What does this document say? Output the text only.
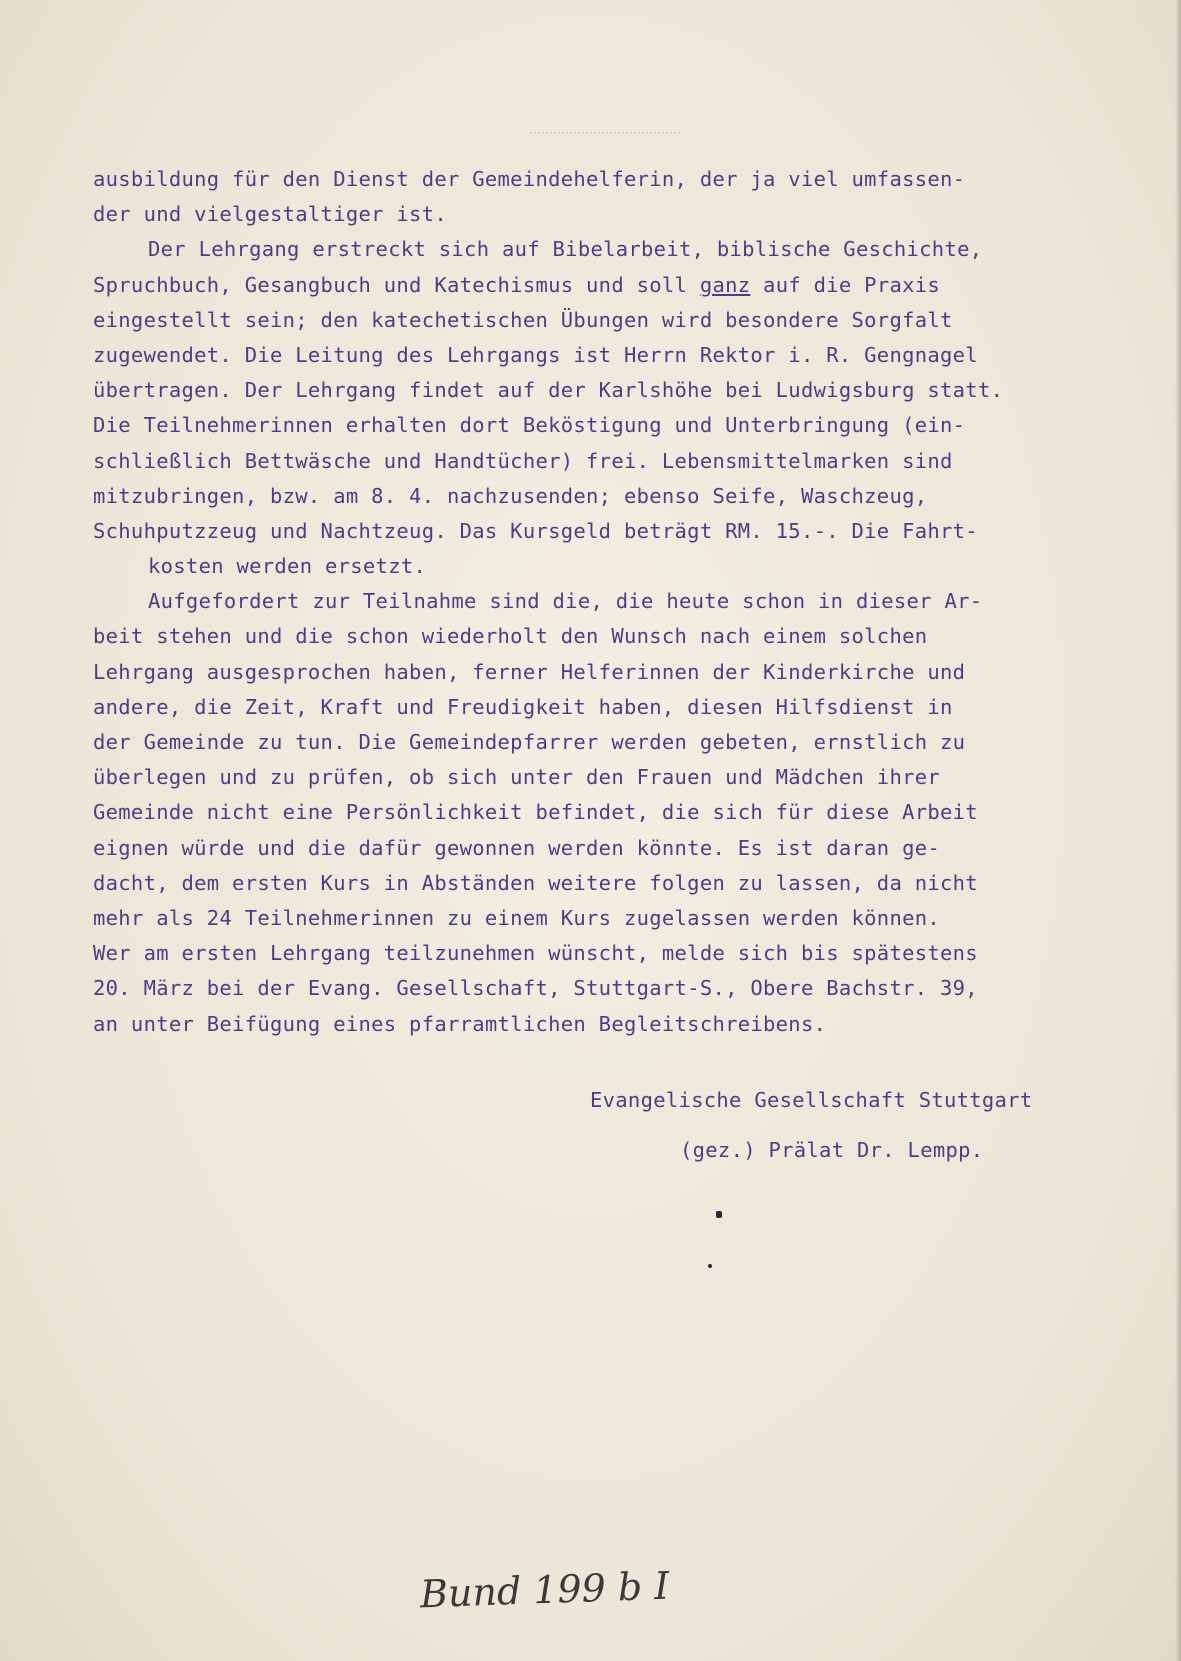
ausbildung für den Dienst der Gemeindehelferin, der ja viel umfassen-
der und vielgestaltiger ist.
Der Lehrgang erstreckt sich auf Bibelarbeit, biblische Geschichte,
Spruchbuch, Gesangbuch und Katechismus und soll ganz auf die Praxis
eingestellt sein; den katechetischen Übungen wird besondere Sorgfalt
zugewendet. Die Leitung des Lehrgangs ist Herrn Rektor i. R. Gengnagel
übertragen. Der Lehrgang findet auf der Karlshöhe bei Ludwigsburg statt.
Die Teilnehmerinnen erhalten dort Beköstigung und Unterbringung (ein-
schließlich Bettwäsche und Handtücher) frei. Lebensmittelmarken sind
mitzubringen, bzw. am 8. 4. nachzusenden; ebenso Seife, Waschzeug,
Schuhputzzeug und Nachtzeug. Das Kursgeld beträgt RM. 15.-. Die Fahrt-
kosten werden ersetzt.
Aufgefordert zur Teilnahme sind die, die heute schon in dieser Ar-
beit stehen und die schon wiederholt den Wunsch nach einem solchen
Lehrgang ausgesprochen haben, ferner Helferinnen der Kinderkirche und
andere, die Zeit, Kraft und Freudigkeit haben, diesen Hilfsdienst in
der Gemeinde zu tun. Die Gemeindepfarrer werden gebeten, ernstlich zu
überlegen und zu prüfen, ob sich unter den Frauen und Mädchen ihrer
Gemeinde nicht eine Persönlichkeit befindet, die sich für diese Arbeit
eignen würde und die dafür gewonnen werden könnte. Es ist daran ge-
dacht, dem ersten Kurs in Abständen weitere folgen zu lassen, da nicht
mehr als 24 Teilnehmerinnen zu einem Kurs zugelassen werden können.
Wer am ersten Lehrgang teilzunehmen wünscht, melde sich bis spätestens
20. März bei der Evang. Gesellschaft, Stuttgart-S., Obere Bachstr. 39,
an unter Beifügung eines pfarramtlichen Begleitschreibens.
Evangelische Gesellschaft Stuttgart
(gez.) Prälat Dr. Lempp.
Bund 199 b I
